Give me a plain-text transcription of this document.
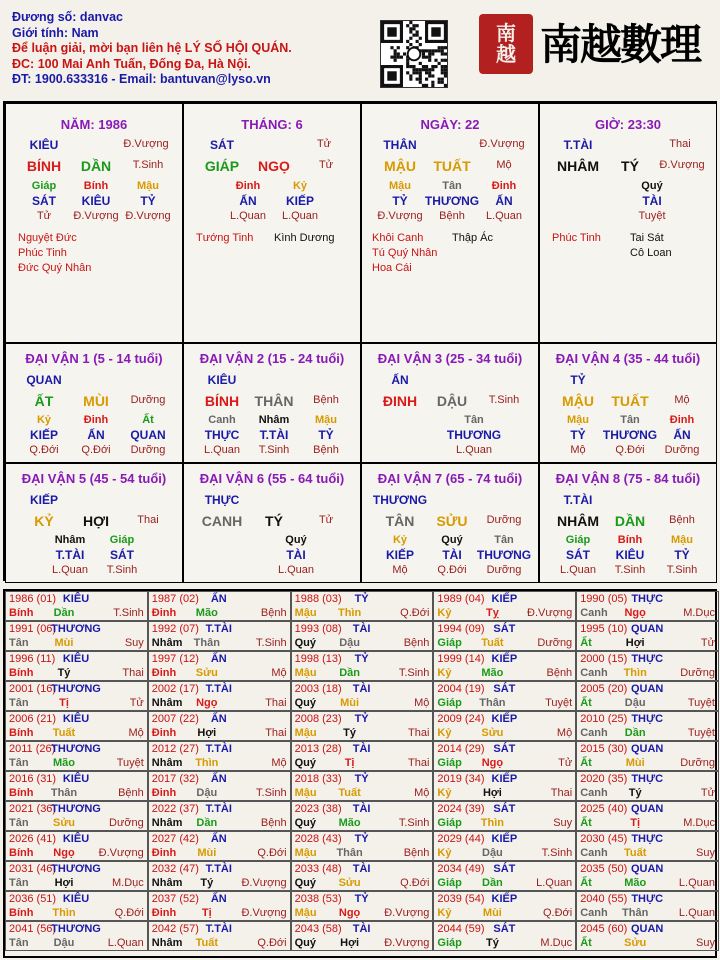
Đương số: danvac
Giới tính: Nam
Để luận giải, mời bạn liên hệ LÝ SỐ HỘI QUÁN.
ĐC: 100 Mai Anh Tuấn, Đống Đa, Hà Nội.
ĐT: 1900.633316 - Email: bantuvan@lyso.vn
南越 南越數理
NĂM: 1986
KIÊU	Đ.Vượng
BÍNH DẦN T.Sinh
Giáp
SÁT
Tử
Bính
KIÊU
Đ.Vượng
Mậu
TỶ
Đ.Vượng
Nguyệt Đức
Phúc Tinh
Đức Quý Nhân
THÁNG: 6
SÁT	Tử
GIÁP NGỌ	Tử
Đinh
ẤN
L.Quan
Kỷ
KIẾP
L.Quan
Tướng Tinh Kình Dương
NGÀY: 22
THÂN	Đ.Vượng
MẬU TUẤT Mộ
Mậu
TỶ
Đ.Vượng
Tân
THƯƠNG
Bệnh
Đinh
ẤN
L.Quan
Khôi Canh	Thập Ác
Tú Quý Nhân
Hoa Cái
GIỜ: 23:30
T.TÀI	Thai
NHÂM TÝ Đ.Vượng
Quý
TÀI
Tuyệt
Phúc Tinh	Tai Sát
Cô Loan
ĐẠI VẬN 1 (5 - 14 tuổi)
QUAN
ẤT MÙI Dưỡng
Kỷ
KIẾP
Q.Đới
Đinh
ẤN
Q.Đới
Ất
QUAN
Dưỡng
ĐẠI VẬN 2 (15 - 24 tuổi)
KIÊU
BÍNH THÂN Bệnh
Canh
THỰC
L.Quan
Nhâm
T.TÀI
T.Sinh
Mậu
TỶ
Bệnh
ĐẠI VẬN 3 (25 - 34 tuổi)
ẤN
ĐINH DẬU T.Sinh
Tân
THƯƠNG
L.Quan
ĐẠI VẬN 4 (35 - 44 tuổi)
TỶ
MẬU TUẤT Mộ
Mậu
TỶ
Mộ
Tân
THƯƠNG
Q.Đới
Đinh
ẤN
Dưỡng
ĐẠI VẬN 5 (45 - 54 tuổi)
KIẾP
KỶ HỢI	Thai
Nhâm
T.TÀI
L.Quan
Giáp
SÁT
T.Sinh
ĐẠI VẬN 6 (55 - 64 tuổi)
THỰC
CANH TÝ	Tử
Quý
TÀI
L.Quan
ĐẠI VẬN 7 (65 - 74 tuổi)
THƯƠNG
TÂN SỬU Dưỡng
Kỷ
KIẾP
Mộ
Quý
TÀI
Q.Đới
Tân
THƯƠNG
Dưỡng
ĐẠI VẬN 8 (75 - 84 tuổi)
T.TÀI
NHÂM DẦN Bệnh
Giáp
SÁT
L.Quan
Bính
KIÊU
T.Sinh
Mậu
TỶ
T.Sinh
1986 (01) KIÊU
Bính Dần	T.Sinh
1987 (02) ẤN
Đinh Mão	Bệnh
1988 (03) TỶ
Mậu Thìn	Q.Đới
1989 (04) KIẾP
Kỷ	Tỵ	Đ.Vượng
1990 (05) THỰC
Canh Ngọ	M.Dục
1991 (06)
THƯƠNG
Tân Mùi	Suy
1992 (07) T.TÀI
Nhâm Thân	T.Sinh
1993 (08) TÀI
Quý Dậu	Bệnh
1994 (09) SÁT
Giáp Tuất	Dưỡng
1995 (10) QUAN
Ất	Hợi	Tử
1996 (11) KIÊU
Bính Tý	Thai
1997 (12) ẤN
Đinh Sửu	Mộ
1998 (13) TỶ
Mậu Dần	T.Sinh
1999 (14) KIẾP
Kỷ	Mão	Bệnh
2000 (15) THỰC
Canh Thìn	Dưỡng
2001 (16)
THƯƠNG
Tân	Tị	Tử
2002 (17) T.TÀI
Nhâm Ngọ	Thai
2003 (18) TÀI
Quý Mùi	Mộ
2004 (19) SÁT
Giáp Thân	Tuyệt
2005 (20) QUAN
Ất	Dậu	Tuyệt
2006 (21) KIÊU
Bính Tuất	Mộ
2007 (22) ẤN
Đinh Hợi	Thai
2008 (23) TỶ
Mậu Tý	Thai
2009 (24) KIẾP
Kỷ	Sửu	Mộ
2010 (25) THỰC
Canh Dần	Tuyệt
2011 (26)
THƯƠNG
Tân Mão	Tuyệt
2012 (27) T.TÀI
Nhâm Thìn	Mộ
2013 (28) TÀI
Quý	Tị	Thai
2014 (29) SÁT
Giáp Ngọ	Tử
2015 (30) QUAN
Ất	Mùi	Dưỡng
2016 (31) KIÊU
Bính Thân	Bệnh
2017 (32) ẤN
Đinh Dậu	T.Sinh
2018 (33) TỶ
Mậu Tuất	Mộ
2019 (34) KIẾP
Kỷ	Hợi	Thai
2020 (35) THỰC
Canh Tý	Tử
2021 (36)
THƯƠNG
Tân Sửu	Dưỡng
2022 (37) T.TÀI
Nhâm Dần	Bệnh
2023 (38) TÀI
Quý Mão	T.Sinh
2024 (39) SÁT
Giáp Thìn	Suy
2025 (40) QUAN
Ất	Tị	M.Dục
2026 (41) KIÊU
Bính Ngọ Đ.Vượng
2027 (42) ẤN
Đinh Mùi	Q.Đới
2028 (43) TỶ
Mậu Thân	Bệnh
2029 (44) KIẾP
Kỷ	Dậu	T.Sinh
2030 (45) THỰC
Canh Tuất	Suy
2031 (46)
THƯƠNG
Tân Hợi	M.Dục
2032 (47) T.TÀI
Nhâm Tý	Đ.Vượng
2033 (48) TÀI
Quý Sửu	Q.Đới
2034 (49) SÁT
Giáp Dần	L.Quan
2035 (50) QUAN
Ất	Mão	L.Quan
2036 (51) KIÊU
Bính Thìn	Q.Đới
2037 (52) ẤN
Đinh Tị	Đ.Vượng
2038 (53) TỶ
Mậu Ngọ Đ.Vượng
2039 (54) KIẾP
Kỷ	Mùi	Q.Đới
2040 (55) THỰC
Canh Thân	L.Quan
2041 (56)
THƯƠNG
Tân Dậu	L.Quan
2042 (57) T.TÀI
Nhâm Tuất	Q.Đới
2043 (58) TÀI
Quý Hợi Đ.Vượng
2044 (59) SÁT
Giáp Tý	M.Dục
2045 (60) QUAN
Ất	Sửu	Suy
